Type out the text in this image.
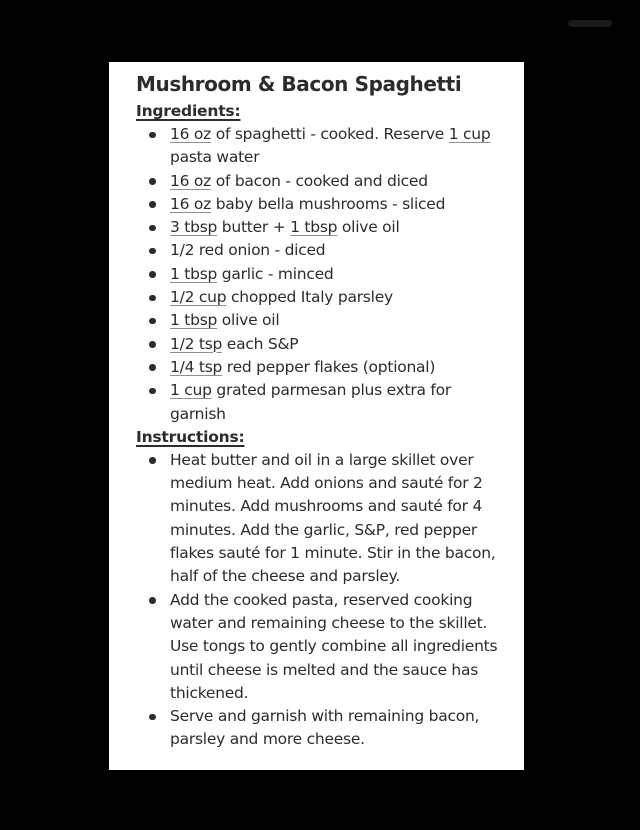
Mushroom & Bacon Spaghetti
Ingredients:
16 oz of spaghetti - cooked. Reserve 1 cup pasta water
16 oz of bacon - cooked and diced
16 oz baby bella mushrooms - sliced
3 tbsp butter + 1 tbsp olive oil
1/2 red onion - diced
1 tbsp garlic - minced
1/2 cup chopped Italy parsley
1 tbsp olive oil
1/2 tsp each S&P
1/4 tsp red pepper flakes (optional)
1 cup grated parmesan plus extra for garnish
Instructions:
Heat butter and oil in a large skillet over medium heat. Add onions and sauté for 2 minutes. Add mushrooms and sauté for 4 minutes. Add the garlic, S&P, red pepper flakes sauté for 1 minute. Stir in the bacon, half of the cheese and parsley.
Add the cooked pasta, reserved cooking water and remaining cheese to the skillet. Use tongs to gently combine all ingredients until cheese is melted and the sauce has thickened.
Serve and garnish with remaining bacon, parsley and more cheese.
